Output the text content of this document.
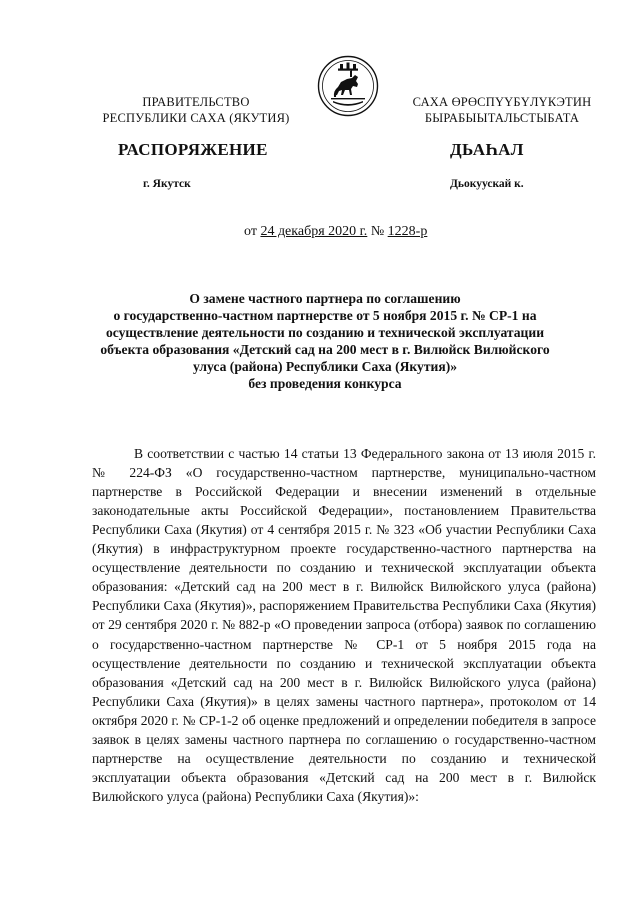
ПРАВИТЕЛЬСТВО
РЕСПУБЛИКИ САХА (ЯКУТИЯ)
САХА ӨРӨСПҮҮБҮЛҮКЭТИН
БЫРАБЫЫТАЛЬСТЫБАТА
РАСПОРЯЖЕНИЕ	ДЬАҺАЛ
г. Якутск	Дьокуускай к.
от 24 декабря 2020 г. № 1228-р
О замене частного партнера по соглашению
о государственно-частном партнерстве от 5 ноября 2015 г. № СР-1 на
осуществление деятельности по созданию и технической эксплуатации
объекта образования «Детский сад на 200 мест в г. Вилюйск Вилюйского
улуса (района) Республики Саха (Якутия)»
без проведения конкурса

В соответствии с частью 14 статьи 13 Федерального закона от 13 июля 2015 г. № 224-ФЗ «О государственно-частном партнерстве, муниципально-частном партнерстве в Российской Федерации и внесении изменений в отдельные законодательные акты Российской Федерации», постановлением Правительства Республики Саха (Якутия) от 4 сентября 2015 г. № 323 «Об участии Республики Саха (Якутия) в инфраструктурном проекте государственно-частного партнерства на осуществление деятельности по созданию и технической эксплуатации объекта образования: «Детский сад на 200 мест в г. Вилюйск Вилюйского улуса (района) Республики Саха (Якутия)», распоряжением Правительства Республики Саха (Якутия) от 29 сентября 2020 г. № 882-р «О проведении запроса (отбора) заявок по соглашению о государственно-частном партнерстве № СР-1 от 5 ноября 2015 года на осуществление деятельности по созданию и технической эксплуатации объекта образования «Детский сад на 200 мест в г. Вилюйск Вилюйского улуса (района) Республики Саха (Якутия)» в целях замены частного партнера», протоколом от 14 октября 2020 г. № СР-1-2 об оценке предложений и определении победителя в запросе заявок в целях замены частного партнера по соглашению о государственно-частном партнерстве на осуществление деятельности по созданию и технической эксплуатации объекта образования «Детский сад на 200 мест в г. Вилюйск Вилюйского улуса (района) Республики Саха (Якутия)»:
